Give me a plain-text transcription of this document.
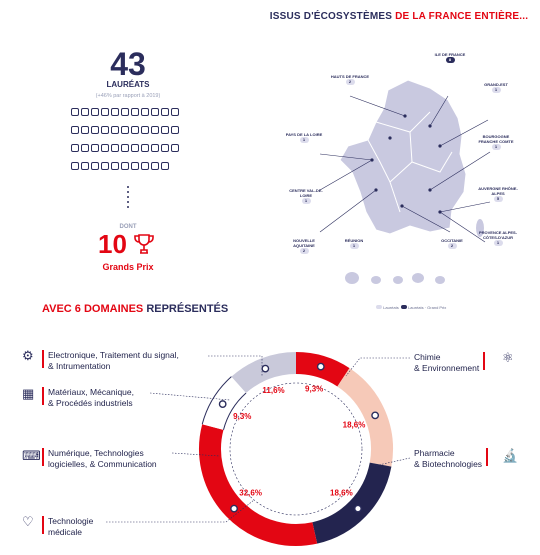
ISSUS D'ÉCOSYSTÈMES DE LA FRANCE ENTIÈRE...
43
LAURÉATS
(+46% par rapport à 2019)
DONT
10
Grands Prix
ILE DE FRANCE
8
HAUTS DE FRANCE
2
GRAND-EST
1
BOURGOGNE FRANCHE COMTE
1
PAYS DE LA LOIRE
1
CENTRE VAL-DE-LOIRE
1
AUVERGNE RHÔNE-ALPES
5
NOUVELLE AQUITAINE
2
RÉUNION
1
OCCITANIE
2
PROVENCE ALPES-CÔTES-D'AZUR
1
Lauréats Lauréats · Grand Prix
AVEC 6 DOMAINES REPRÉSENTÉS
9,3%
18,6%
18,6%
32,6%
9,3%
11,6%
⚙	Electronique, Traitement du signal,
& Intrumentation
▦	Matériaux, Mécanique,
& Procédés industriels
⌨ Numérique, Technologies
logicielles, & Communication
♡	Technologie
médicale
Chimie
& Environnement
⚛
Pharmacie
& Biotechnologies
🔬
